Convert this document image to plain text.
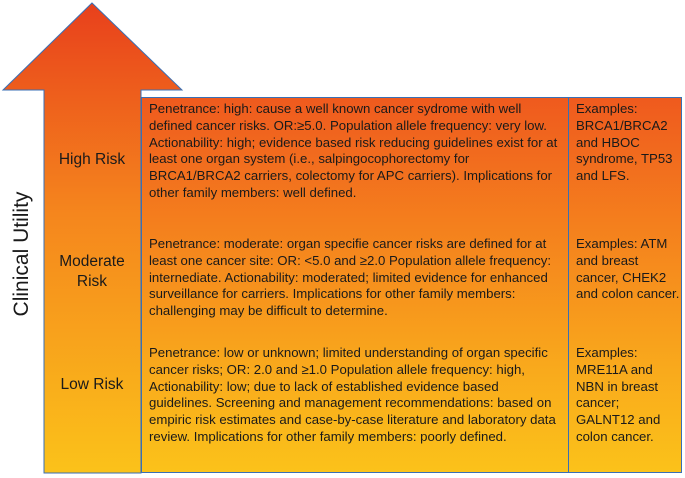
Clinical Utility
High Risk
Moderate Risk
Low Risk

Penetrance: high: cause a well known cancer sydrome with well defined cancer risks. OR:≥5.0. Population allele frequency: very low. Actionability: high; evidence based risk reducing guidelines exist for at least one organ system (i.e., salpingocophorectomy for BRCA1/BRCA2 carriers, colectomy for APC carriers). Implications for other family members: well defined.

Examples: BRCA1/BRCA2 and HBOC syndrome, TP53 and LFS.

Penetrance: moderate: organ specifie cancer risks are defined for at least one cancer site: OR: <5.0 and ≥2.0 Population allele frequency: internediate. Actionability: moderated; limited evidence for enhanced surveillance for carriers. Implications for other family members: challenging may be difficult to determine.

Examples: ATM and breast cancer, CHEK2 and colon cancer.

Penetrance: low or unknown; limited understanding of organ specific cancer risks; OR: 2.0 and ≥1.0 Population allele frequency: high, Actionability: low; due to lack of established evidence based guidelines. Screening and management recommendations: based on empiric risk estimates and case-by-case literature and laboratory data review. Implications for other family members: poorly defined.

Examples: MRE11A and NBN in breast cancer; GALNT12 and colon cancer.
